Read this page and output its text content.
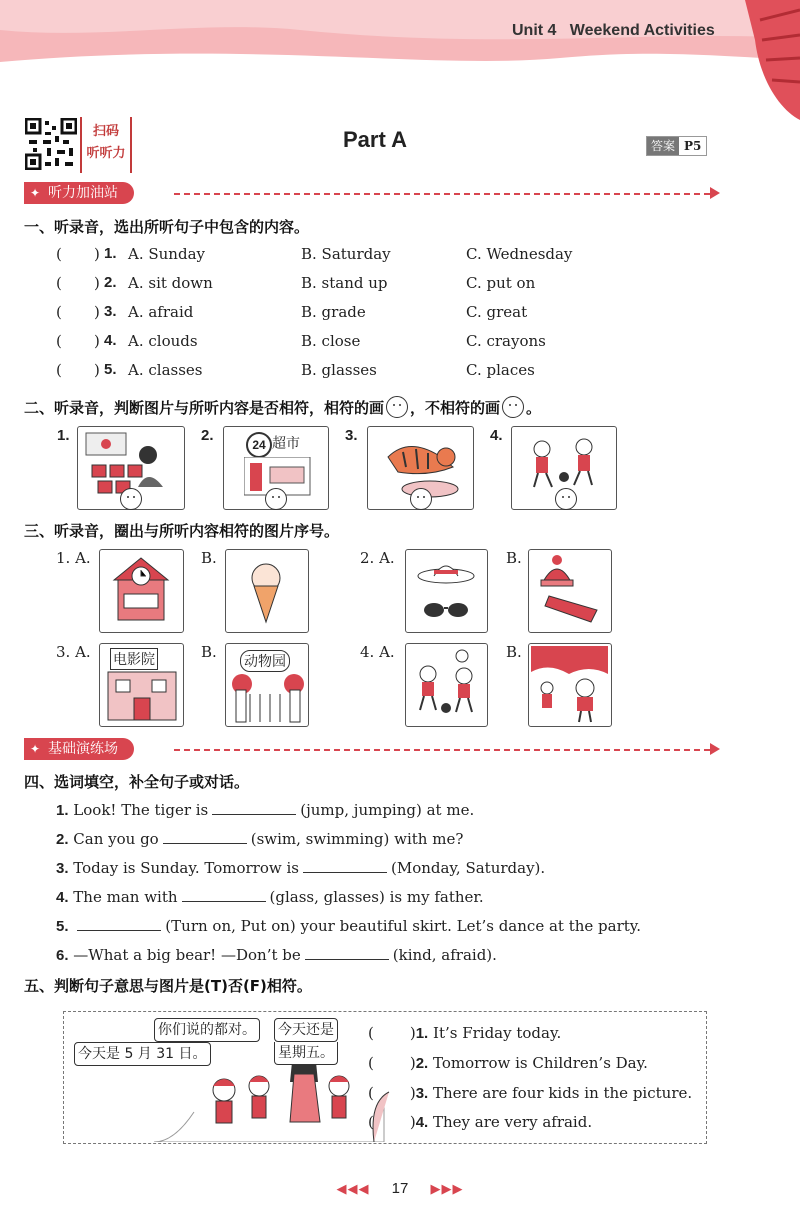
Unit 4 Weekend Activities
扫码
听听力
Part A	答案 P5
✦ 听力加油站
一、听录音，选出所听句子中包含的内容。
( ) 1. A. Sunday	B. Saturday	C. Wednesday
( ) 2. A. sit down	B. stand up	C. put on
( ) 3. A. afraid	B. grade	C. great
( ) 4. A. clouds	B. close	C. crayons
( ) 5. A. classes	B. glasses	C. places
二、听录音，判断图片与所听内容是否相符，相符的画 ，不相符的画 。
1.	2.
24 超市	3.	4.
三、听录音，圈出与所听内容相符的图片序号。
1. A.	B.	2. A.	B.
3. A. 电影院	B.
动物园
4. A.	B.
✦ 基础演练场
四、选词填空，补全句子或对话。
1. Look! The tiger is	(jump, jumping) at me.
2. Can you go	(swim, swimming) with me?
3. Today is Sunday. Tomorrow is	(Monday, Saturday).
4. The man with	(glass, glasses) is my father.
5.	(Turn on, Put on) your beautiful skirt. Let’s dance at the party.
6. —What a big bear! —Don’t be	(kind, afraid).
五、判断句子意思与图片是(T)否(F)相符。
你们说的都对。 今天还是
星期五。
今天是 5 月 31 日。
( )1. It’s Friday today.
( )2. Tomorrow is Children’s Day.
( )3. There are four kids in the picture.
( )4. They are very afraid.
◀◀◀ 17 ▶▶▶
